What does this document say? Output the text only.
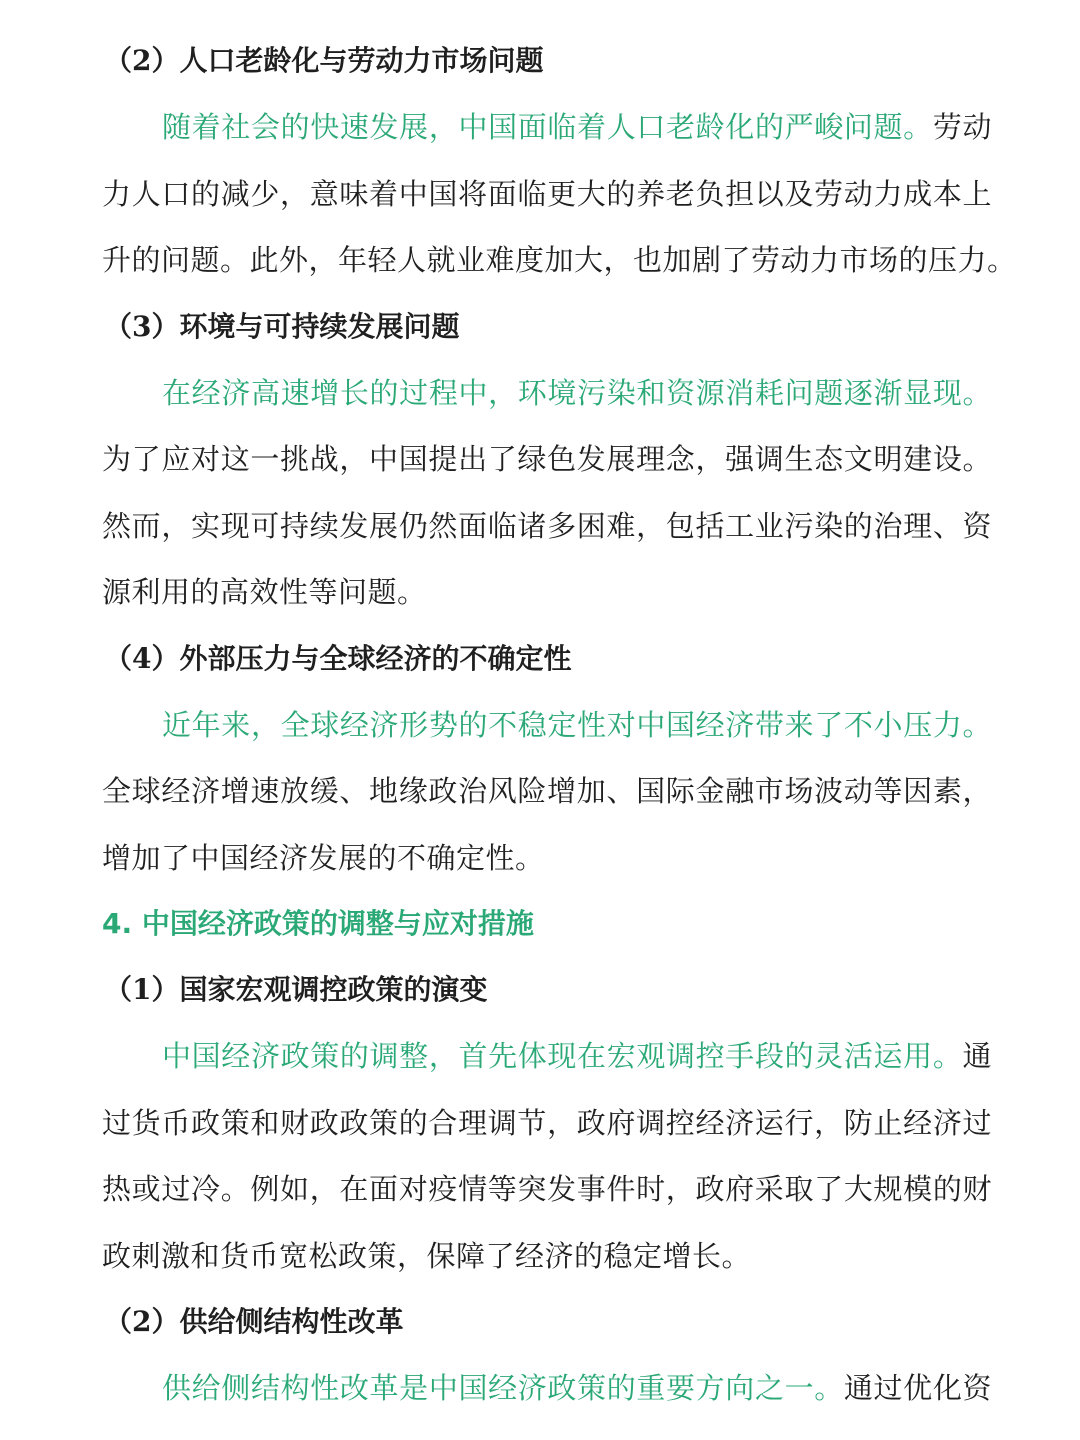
（2）人口老龄化与劳动力市场问题
随着社会的快速发展，中国面临着人口老龄化的严峻问题。劳动
力人口的减少，意味着中国将面临更大的养老负担以及劳动力成本上
升的问题。此外，年轻人就业难度加大，也加剧了劳动力市场的压力。
（3）环境与可持续发展问题
在经济高速增长的过程中，环境污染和资源消耗问题逐渐显现。
为了应对这一挑战，中国提出了绿色发展理念，强调生态文明建设。
然而，实现可持续发展仍然面临诸多困难，包括工业污染的治理、资
源利用的高效性等问题。
（4）外部压力与全球经济的不确定性
近年来，全球经济形势的不稳定性对中国经济带来了不小压力。
全球经济增速放缓、地缘政治风险增加、国际金融市场波动等因素，
增加了中国经济发展的不确定性。
4. 中国经济政策的调整与应对措施
（1）国家宏观调控政策的演变
中国经济政策的调整，首先体现在宏观调控手段的灵活运用。通
过货币政策和财政政策的合理调节，政府调控经济运行，防止经济过
热或过冷。例如，在面对疫情等突发事件时，政府采取了大规模的财
政刺激和货币宽松政策，保障了经济的稳定增长。
（2）供给侧结构性改革
供给侧结构性改革是中国经济政策的重要方向之一。通过优化资
